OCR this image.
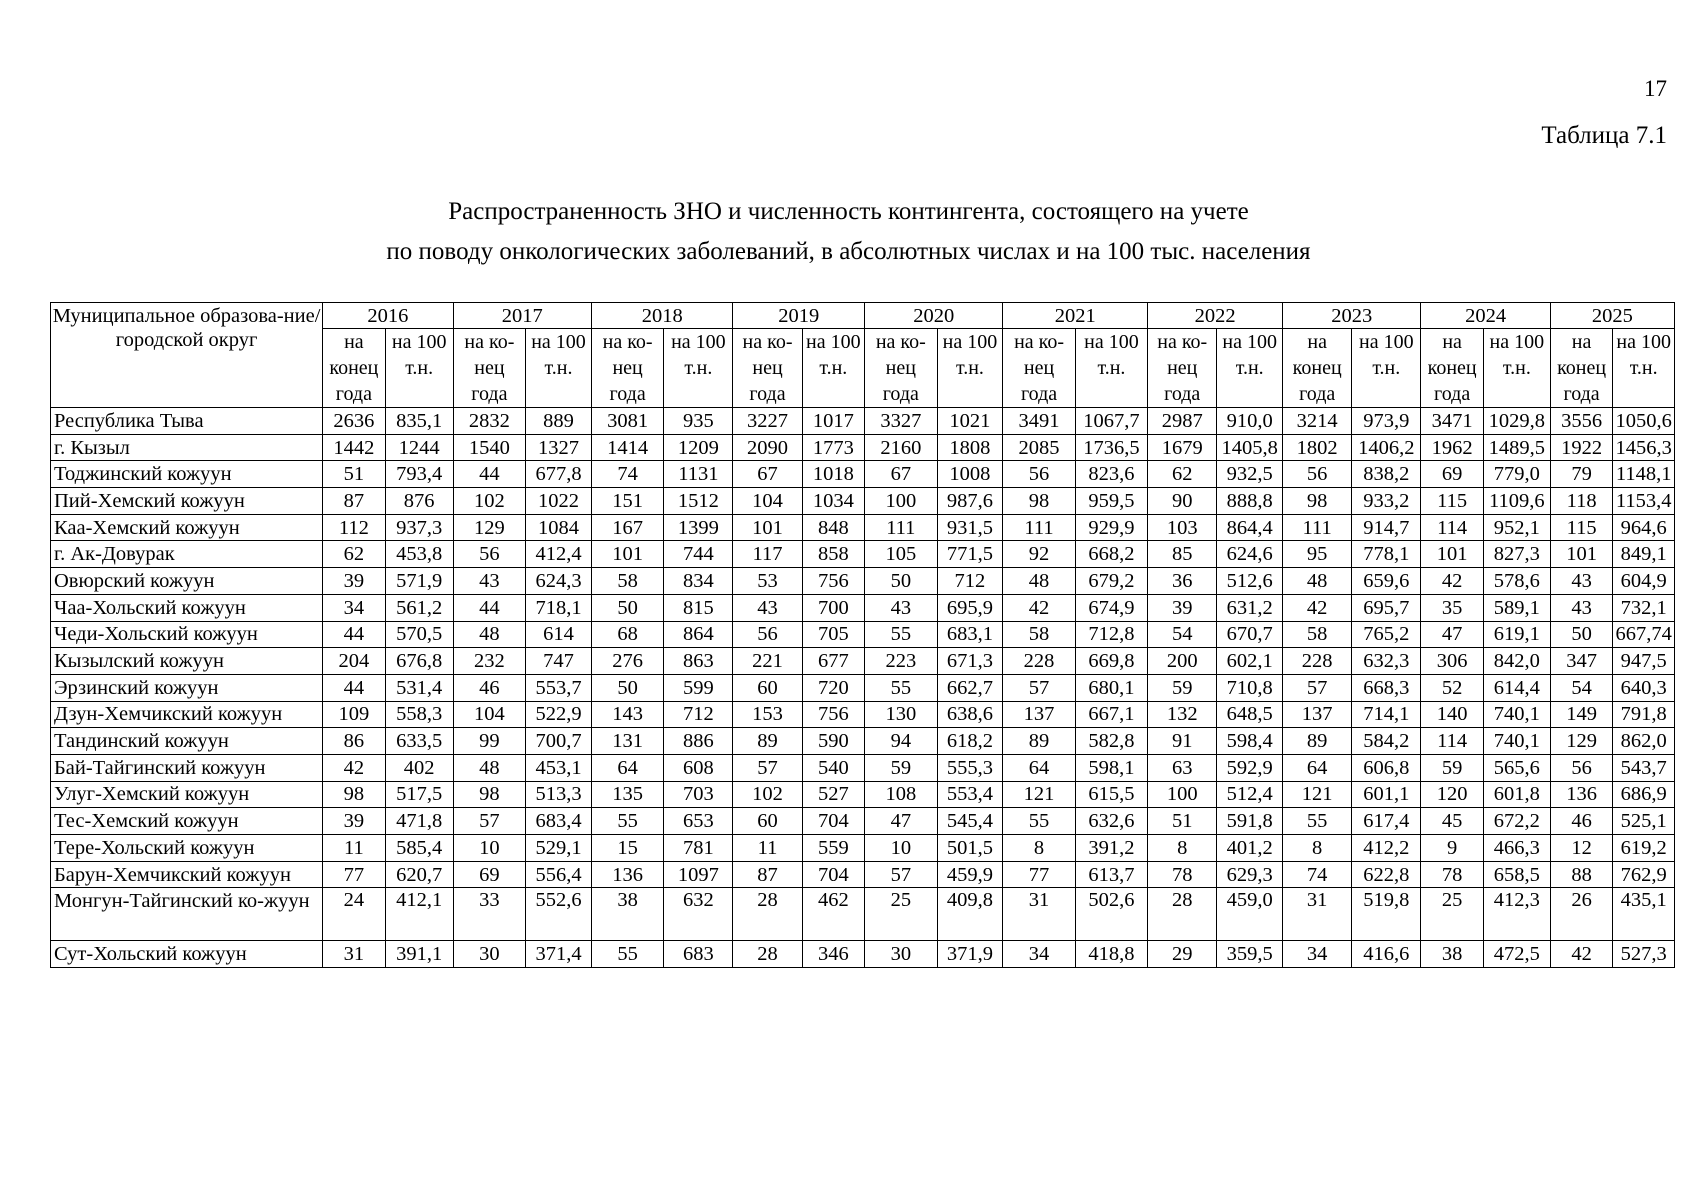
17
Таблица 7.1
Распространенность ЗНО и численность контингента, состоящего на учете
по поводу онкологических заболеваний, в абсолютных числах и на 100 тыс. населения
Муниципальное образова-ние/ городской округ	2016		2017		2018		2019		2020		2021		2022		2023		2024		2025	
	на конец года	на 100 т.н.	на ко-нец года	на 100 т.н.	на ко-нец года	на 100 т.н.	на ко-нец года	на 100 т.н.	на ко-нец года	на 100 т.н.	на ко-нец года	на 100 т.н.	на ко-нец года	на 100 т.н.	на конец года	на 100 т.н.	на конец года	на 100 т.н.	на конец года	на 100 т.н.
Республика Тыва	2636	835,1	2832	889	3081	935	3227	1017	3327	1021	3491	1067,7	2987	910,0	3214	973,9	3471	1029,8	3556	1050,6
г. Кызыл	1442	1244	1540	1327	1414	1209	2090	1773	2160	1808	2085	1736,5	1679	1405,8	1802	1406,2	1962	1489,5	1922	1456,3
Тоджинский кожуун	51	793,4	44	677,8	74	1131	67	1018	67	1008	56	823,6	62	932,5	56	838,2	69	779,0	79	1148,1
Пий-Хемский кожуун	87	876	102	1022	151	1512	104	1034	100	987,6	98	959,5	90	888,8	98	933,2	115	1109,6	118	1153,4
Каа-Хемский кожуун	112	937,3	129	1084	167	1399	101	848	111	931,5	111	929,9	103	864,4	111	914,7	114	952,1	115	964,6
г. Ак-Довурак	62	453,8	56	412,4	101	744	117	858	105	771,5	92	668,2	85	624,6	95	778,1	101	827,3	101	849,1
Овюрский кожуун	39	571,9	43	624,3	58	834	53	756	50	712	48	679,2	36	512,6	48	659,6	42	578,6	43	604,9
Чаа-Хольский кожуун	34	561,2	44	718,1	50	815	43	700	43	695,9	42	674,9	39	631,2	42	695,7	35	589,1	43	732,1
Чеди-Хольский кожуун	44	570,5	48	614	68	864	56	705	55	683,1	58	712,8	54	670,7	58	765,2	47	619,1	50	667,74
Кызылский кожуун	204	676,8	232	747	276	863	221	677	223	671,3	228	669,8	200	602,1	228	632,3	306	842,0	347	947,5
Эрзинский кожуун	44	531,4	46	553,7	50	599	60	720	55	662,7	57	680,1	59	710,8	57	668,3	52	614,4	54	640,3
Дзун-Хемчикский кожуун	109	558,3	104	522,9	143	712	153	756	130	638,6	137	667,1	132	648,5	137	714,1	140	740,1	149	791,8
Тандинский кожуун	86	633,5	99	700,7	131	886	89	590	94	618,2	89	582,8	91	598,4	89	584,2	114	740,1	129	862,0
Бай-Тайгинский кожуун	42	402	48	453,1	64	608	57	540	59	555,3	64	598,1	63	592,9	64	606,8	59	565,6	56	543,7
Улуг-Хемский кожуун	98	517,5	98	513,3	135	703	102	527	108	553,4	121	615,5	100	512,4	121	601,1	120	601,8	136	686,9
Тес-Хемский кожуун	39	471,8	57	683,4	55	653	60	704	47	545,4	55	632,6	51	591,8	55	617,4	45	672,2	46	525,1
Тере-Хольский кожуун	11	585,4	10	529,1	15	781	11	559	10	501,5	8	391,2	8	401,2	8	412,2	9	466,3	12	619,2
Барун-Хемчикский кожуун	77	620,7	69	556,4	136	1097	87	704	57	459,9	77	613,7	78	629,3	74	622,8	78	658,5	88	762,9
Монгун-Тайгинский ко-жуун	24	412,1	33	552,6	38	632	28	462	25	409,8	31	502,6	28	459,0	31	519,8	25	412,3	26	435,1
Сут-Хольский кожуун	31	391,1	30	371,4	55	683	28	346	30	371,9	34	418,8	29	359,5	34	416,6	38	472,5	42	527,3
